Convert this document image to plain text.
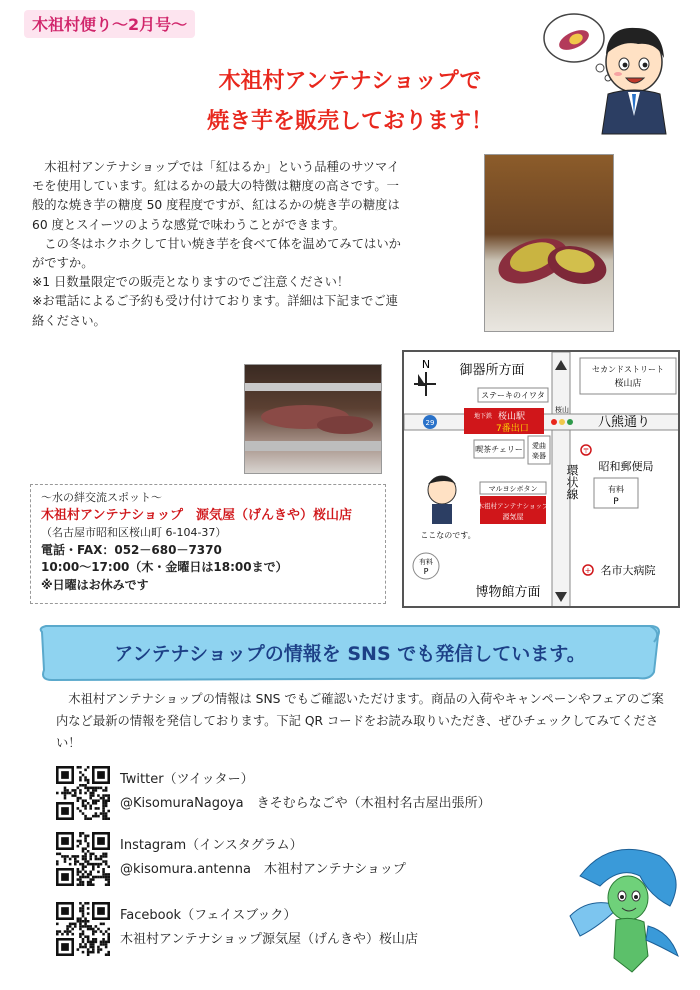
木祖村便り〜2月号〜
木祖村アンテナショップで
焼き芋を販売しております！

木祖村アンテナショップでは「紅はるか」という品種のサツマイモを使用しています。紅はるかの最大の特徴は糖度の高さです。一般的な焼き芋の糖度 50 度程度ですが、紅はるかの焼き芋の糖度は 60 度とスイーツのような感覚で味わうことができます。

この冬はホクホクして甘い焼き芋を食べて体を温めてみてはいかがですか。

※1 日数量限定での販売となりますのでご注意ください！

※お電話によるご予約も受け付けております。詳細は下記までご連絡ください。

〜水の絆交流スポット〜
木祖村アンテナショップ　源気屋（げんきや）桜山店
（名古屋市昭和区桜山町 6-104-37）
電話・FAX：052－680－7370
10:00〜17:00（木・金曜日は18:00まで）
※日曜はお休みです
N 御器所方面	セカンドストリート
桜山店
ステーキのイワタ
地下鉄 桜山駅
7番出口
29
桜山
八熊通り
喫茶チェリー 愛曲
楽器
〒
昭和郵便局
環状線	有料
P
マルヨシボタン
木祖村アンテナショップ
源気屋
ここなのです。
有料
P
博物館方面
+ 名市大病院
アンテナショップの情報を SNS でも発信しています。

木祖村アンテナショップの情報は SNS でもご確認いただけます。商品の入荷やキャンペーンやフェアのご案内など最新の情報を発信しております。下記 QR コードをお読み取りいただき、ぜひチェックしてみてください！

Twitter（ツイッター）
@KisomuraNagoya　きそむらなごや（木祖村名古屋出張所）
Instagram（インスタグラム）
@kisomura.antenna　木祖村アンテナショップ
Facebook（フェイスブック）
木祖村アンテナショップ源気屋（げんきや）桜山店
